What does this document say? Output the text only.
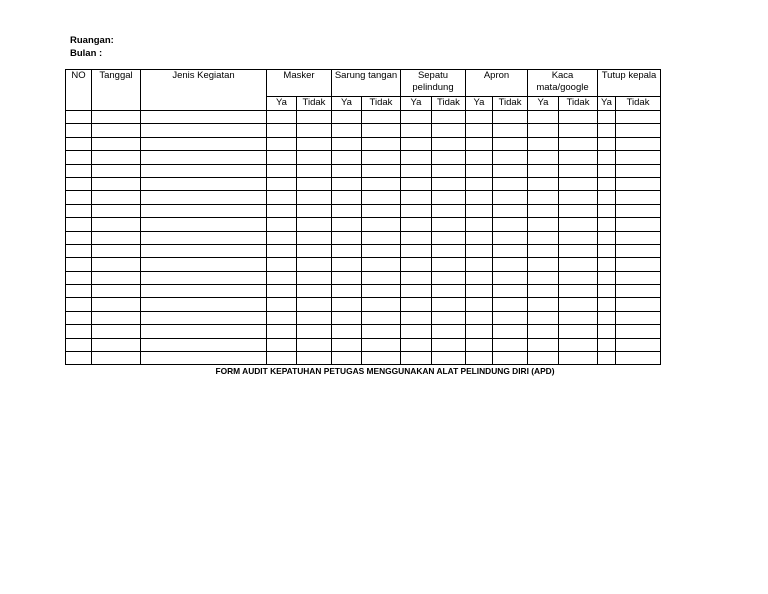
Ruangan:
Bulan :
NO	Tanggal	Jenis Kegiatan	Masker		Sarung tangan		Sepatu pelindung		Apron		Kaca mata/google		Tutup kepala	
			Ya	Tidak	Ya	Tidak	Ya	Tidak	Ya	Tidak	Ya	Tidak	Ya	Tidak

FORM AUDIT KEPATUHAN PETUGAS MENGGUNAKAN ALAT PELINDUNG DIRI (APD)
